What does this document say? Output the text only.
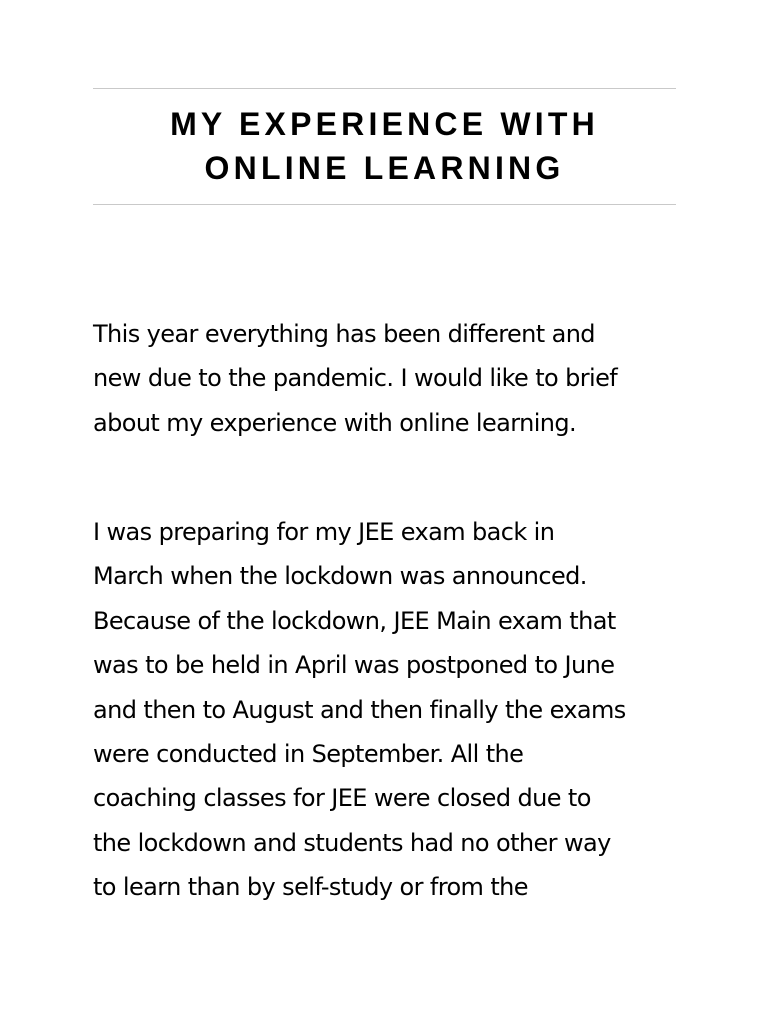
MY EXPERIENCE WITH
ONLINE LEARNING

This year everything has been different and
new due to the pandemic. I would like to brief
about my experience with online learning.

I was preparing for my JEE exam back in
March when the lockdown was announced.
Because of the lockdown, JEE Main exam that
was to be held in April was postponed to June
and then to August and then finally the exams
were conducted in September. All the
coaching classes for JEE were closed due to
the lockdown and students had no other way
to learn than by self-study or from the
